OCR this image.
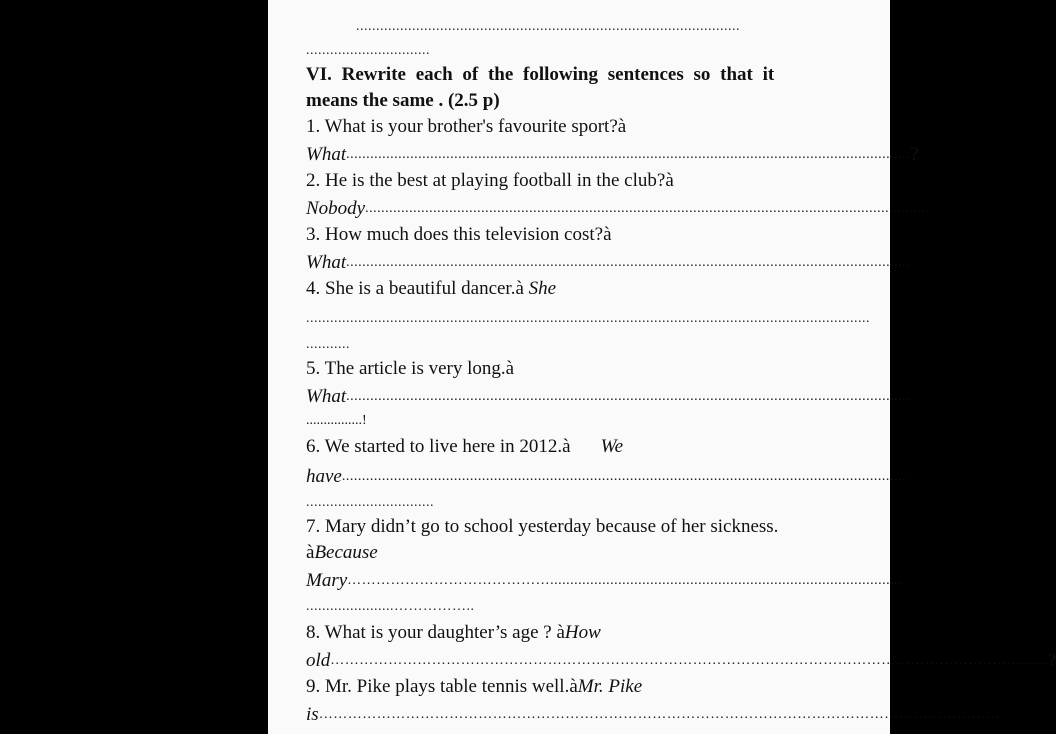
................................................................................................
...............................
VI. Rewrite each of the following sentences so that it
means the same . (2.5 p)
1. What is your brother's favourite sport?à
What ............................................................................................................................................. ?
2. He is the best at playing football in the club?à
Nobody .............................................................................................................................................
3. How much does this television cost?à
What .............................................................................................................................................
4. She is a beautiful dancer.à She
.............................................................................................................................................
...........
5. The article is very long.à
What .............................................................................................................................................
................!
6. We started to live here in 2012.à We
have .............................................................................................................................................
................................
7. Mary didn’t go to school yesterday because of her sickness.
àBecause
Mary ……………………………………........................................................................................
......................……………..
8. What is your daughter’s age ? àHow
old ……………………………………………………………………………………………………………………………......... ?
9. Mr. Pike plays table tennis well.àMr. Pike
is ……………………………………………………………………………………………………………………………
